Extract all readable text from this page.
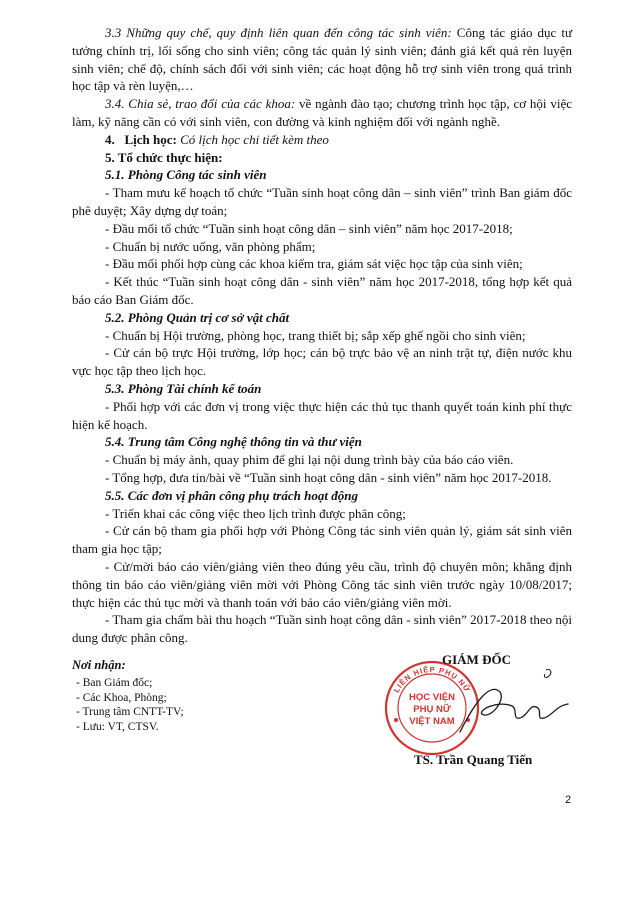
3.3 Những quy chế, quy định liên quan đến công tác sinh viên: Công tác giáo dục tư tưởng chính trị, lối sống cho sinh viên; công tác quản lý sinh viên; đánh giá kết quả rèn luyện sinh viên; chế độ, chính sách đối với sinh viên; các hoạt động hỗ trợ sinh viên trong quá trình học tập và rèn luyện,…

3.4. Chia sẻ, trao đổi của các khoa: về ngành đào tạo; chương trình học tập, cơ hội việc làm, kỹ năng cần có với sinh viên, con đường và kinh nghiệm đối với ngành nghề.

4. Lịch học: Có lịch học chi tiết kèm theo

5. Tổ chức thực hiện:

5.1. Phòng Công tác sinh viên

- Tham mưu kế hoạch tổ chức “Tuần sinh hoạt công dân – sinh viên” trình Ban giám đốc phê duyệt; Xây dựng dự toán;

- Đầu mối tổ chức “Tuần sinh hoạt công dân – sinh viên” năm học 2017-2018;

- Chuẩn bị nước uống, văn phòng phẩm;

- Đầu mối phối hợp cùng các khoa kiểm tra, giám sát việc học tập của sinh viên;

- Kết thúc “Tuần sinh hoạt công dân - sinh viên” năm học 2017-2018, tổng hợp kết quả báo cáo Ban Giám đốc.

5.2. Phòng Quản trị cơ sở vật chất

- Chuẩn bị Hội trường, phòng học, trang thiết bị; sắp xếp ghế ngồi cho sinh viên;

- Cử cán bộ trực Hội trường, lớp học; cán bộ trực bảo vệ an ninh trật tự, điện nước khu vực học tập theo lịch học.

5.3. Phòng Tài chính kế toán

- Phối hợp với các đơn vị trong việc thực hiện các thủ tục thanh quyết toán kinh phí thực hiện kế hoạch.

5.4. Trung tâm Công nghệ thông tin và thư viện

- Chuẩn bị máy ảnh, quay phim để ghi lại nội dung trình bày của báo cáo viên.

- Tổng hợp, đưa tin/bài về “Tuần sinh hoạt công dân - sinh viên” năm học 2017-2018.

5.5. Các đơn vị phân công phụ trách hoạt động

- Triển khai các công việc theo lịch trình được phân công;

- Cử cán bộ tham gia phối hợp với Phòng Công tác sinh viên quản lý, giám sát sinh viên tham gia học tập;

- Cử/mời báo cáo viên/giảng viên theo đúng yêu cầu, trình độ chuyên môn; khẳng định thông tin báo cáo viên/giảng viên mời với Phòng Công tác sinh viên trước ngày 10/08/2017; thực hiện các thủ tục mời và thanh toán với báo cáo viên/giảng viên mời.

- Tham gia chấm bài thu hoạch “Tuần sinh hoạt công dân - sinh viên” 2017-2018 theo nội dung được phân công.

Nơi nhận:

- Ban Giám đốc;
- Các Khoa, Phòng;
- Trung tâm CNTT-TV;
- Lưu: VT, CTSV.
LIÊN HIỆP PHỤ NỮ
HỌC VIỆN
PHỤ NỮ
VIỆT NAM
GIÁM ĐỐC
TS. Trần Quang Tiến
2
